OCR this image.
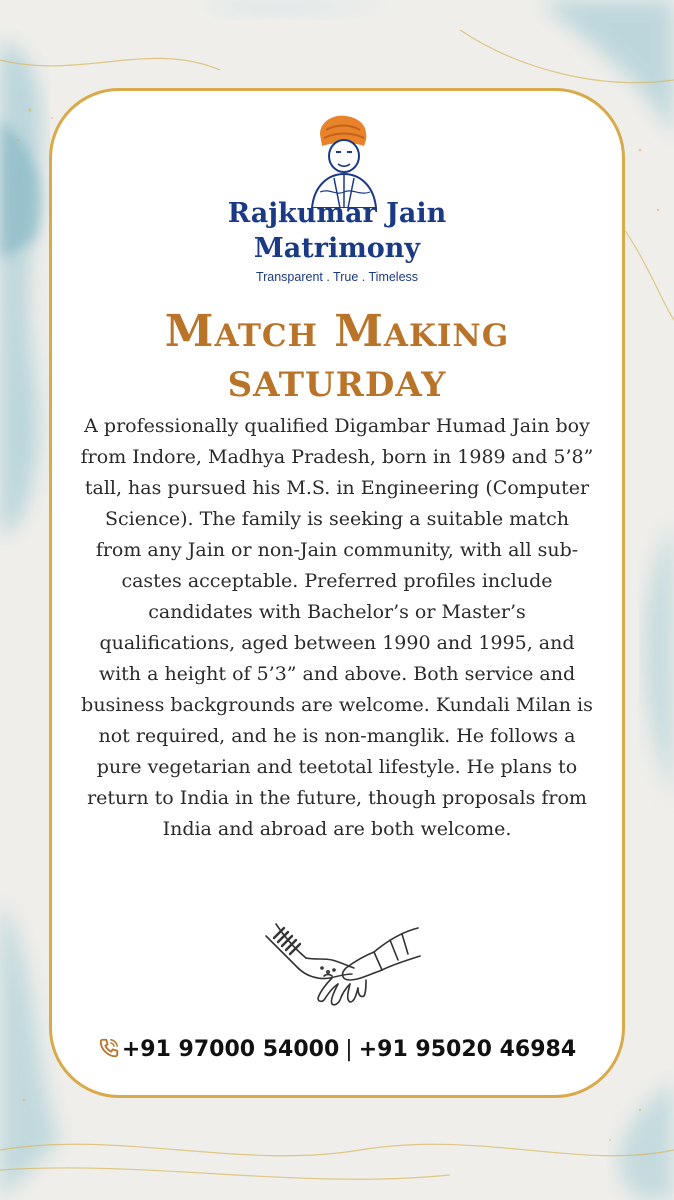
Rajkumar Jain
Matrimony
Transparent . True . Timeless
Match Making
SATURDAY
A professionally qualified Digambar Humad Jain boy from Indore, Madhya Pradesh, born in 1989 and 5’8” tall, has pursued his M.S. in Engineering (Computer Science). The family is seeking a suitable match from any Jain or non-Jain community, with all sub-castes acceptable. Preferred profiles include candidates with Bachelor’s or Master’s qualifications, aged between 1990 and 1995, and with a height of 5’3” and above. Both service and business backgrounds are welcome. Kundali Milan is not required, and he is non-manglik. He follows a pure vegetarian and teetotal lifestyle. He plans to return to India in the future, though proposals from India and abroad are both welcome.
+91 97000 54000 | +91 95020 46984
